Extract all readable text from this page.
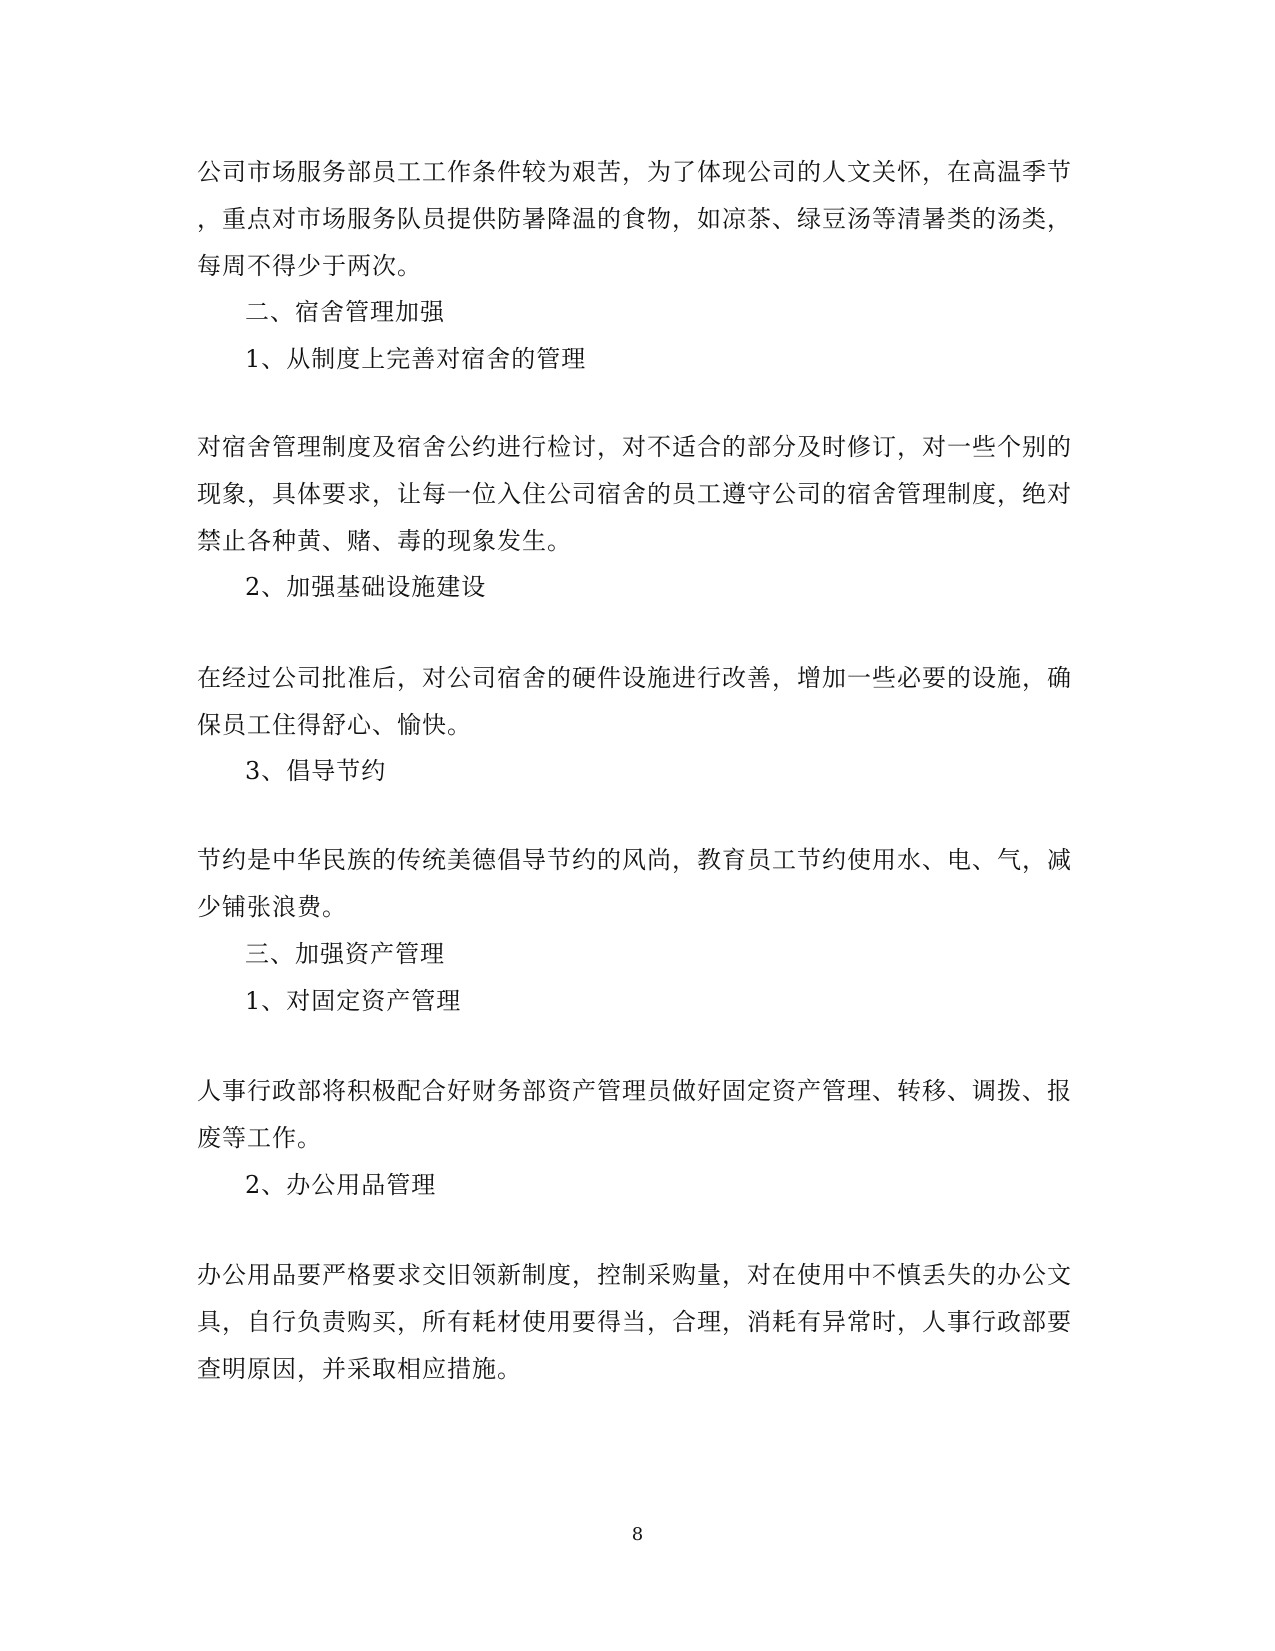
公司市场服务部员工工作条件较为艰苦，为了体现公司的人文关怀，在高温季节
，重点对市场服务队员提供防暑降温的食物，如凉茶、绿豆汤等清暑类的汤类，
每周不得少于两次。
二、宿舍管理加强
1、从制度上完善对宿舍的管理
对宿舍管理制度及宿舍公约进行检讨，对不适合的部分及时修订，对一些个别的
现象，具体要求，让每一位入住公司宿舍的员工遵守公司的宿舍管理制度，绝对
禁止各种黄、赌、毒的现象发生。
2、加强基础设施建设
在经过公司批准后，对公司宿舍的硬件设施进行改善，增加一些必要的设施，确
保员工住得舒心、愉快。
3、倡导节约
节约是中华民族的传统美德倡导节约的风尚，教育员工节约使用水、电、气，减
少铺张浪费。
三、加强资产管理
1、对固定资产管理
人事行政部将积极配合好财务部资产管理员做好固定资产管理、转移、调拨、报
废等工作。
2、办公用品管理
办公用品要严格要求交旧领新制度，控制采购量，对在使用中不慎丢失的办公文
具，自行负责购买，所有耗材使用要得当，合理，消耗有异常时，人事行政部要
查明原因，并采取相应措施。
8
